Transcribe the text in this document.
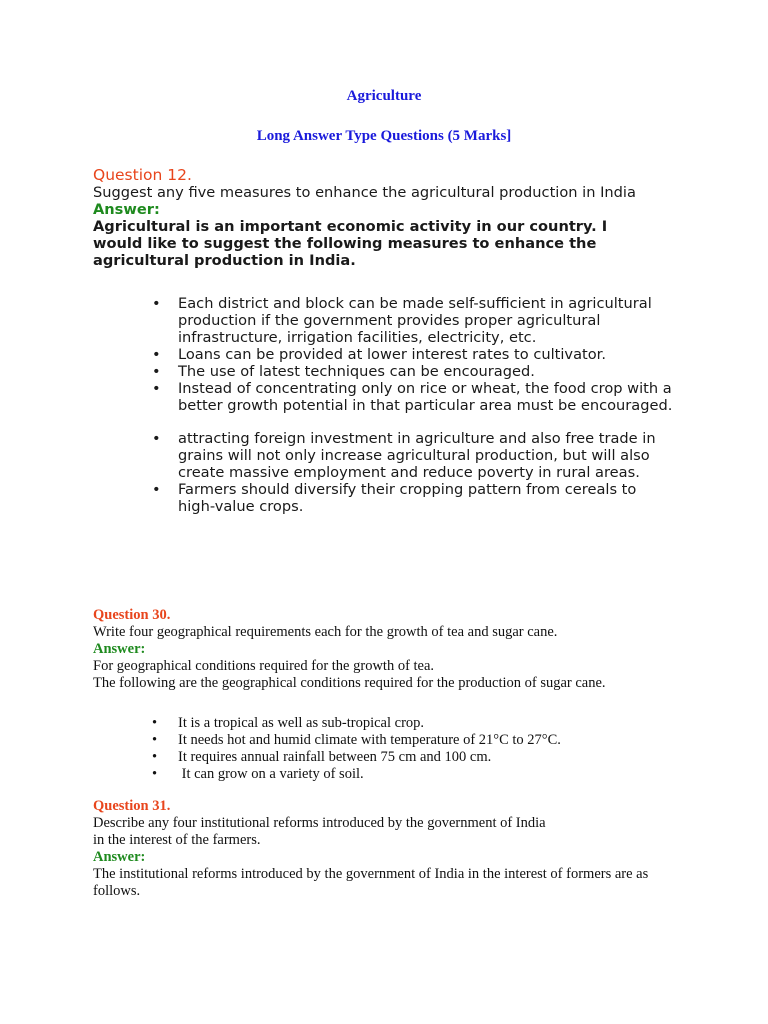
Agriculture
Long Answer Type Questions (5 Marks]
Question 12.
Suggest any five measures to enhance the agricultural production in India
Answer:
Agricultural is an important economic activity in our country. I would like to suggest the following measures to enhance the agricultural production in India.
• Each district and block can be made self-sufficient in agricultural production if the government provides proper agricultural infrastructure, irrigation facilities, electricity, etc.
• Loans can be provided at lower interest rates to cultivator.
• The use of latest techniques can be encouraged.
• Instead of concentrating only on rice or wheat, the food crop with a better growth potential in that particular area must be encouraged.
• attracting foreign investment in agriculture and also free trade in grains will not only increase agricultural production, but will also create massive employment and reduce poverty in rural areas.
• Farmers should diversify their cropping pattern from cereals to high-value crops.
Question 30.
Write four geographical requirements each for the growth of tea and sugar cane.
Answer:
For geographical conditions required for the growth of tea.
The following are the geographical conditions required for the production of sugar cane.
• It is a tropical as well as sub-tropical crop.
• It needs hot and humid climate with temperature of 21°C to 27°C.
• It requires annual rainfall between 75 cm and 100 cm.
• It can grow on a variety of soil.
Question 31.
Describe any four institutional reforms introduced by the government of India
in the interest of the farmers.
Answer:
The institutional reforms introduced by the government of India in the interest of formers are as follows.
